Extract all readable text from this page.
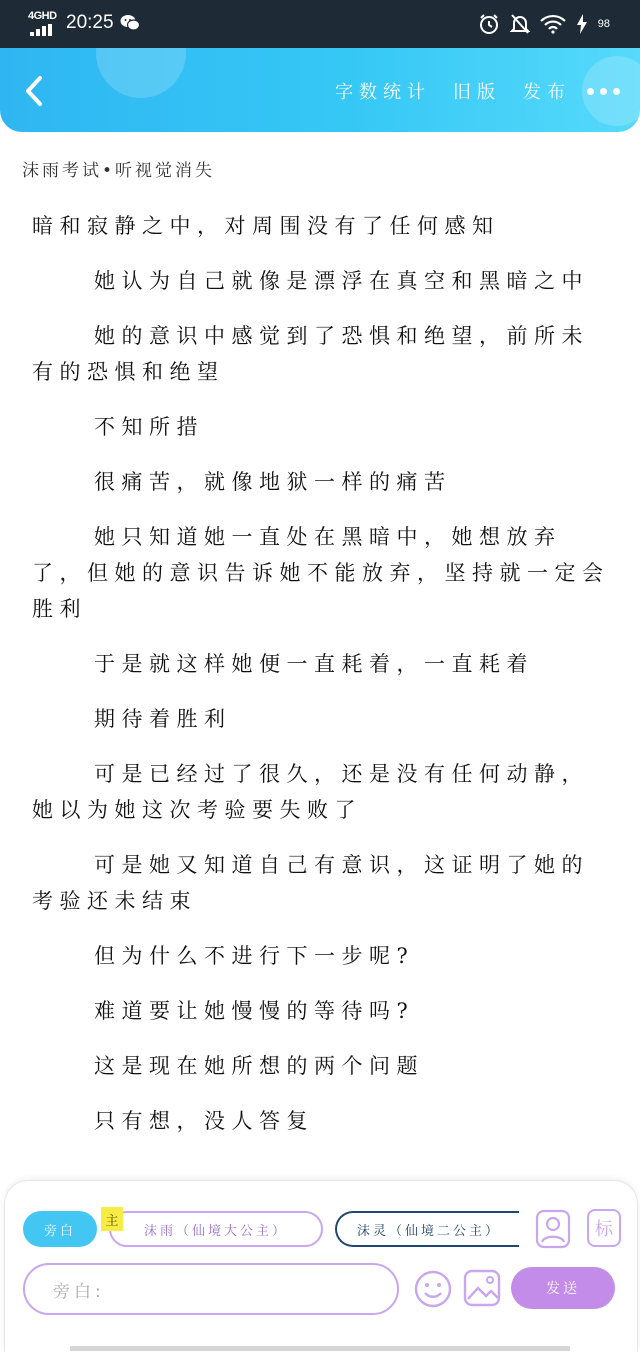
4GHD 20:25	98
字数统计 旧版 发布
沫雨考试•听视觉消失

暗和寂静之中，对周围没有了任何感知

她认为自己就像是漂浮在真空和黑暗之中

她的意识中感觉到了恐惧和绝望，前所未有的恐惧和绝望

不知所措

很痛苦，就像地狱一样的痛苦

她只知道她一直处在黑暗中，她想放弃了，但她的意识告诉她不能放弃，坚持就一定会胜利

于是就这样她便一直耗着，一直耗着

期待着胜利

可是已经过了很久，还是没有任何动静，她以为她这次考验要失败了

可是她又知道自己有意识，这证明了她的考验还未结束

但为什么不进行下一步呢?

难道要让她慢慢的等待吗?

这是现在她所想的两个问题

只有想，没人答复

旁白	沫雨（仙境大公主）
主
沫灵（仙境二公主）	标
旁白:	发送
